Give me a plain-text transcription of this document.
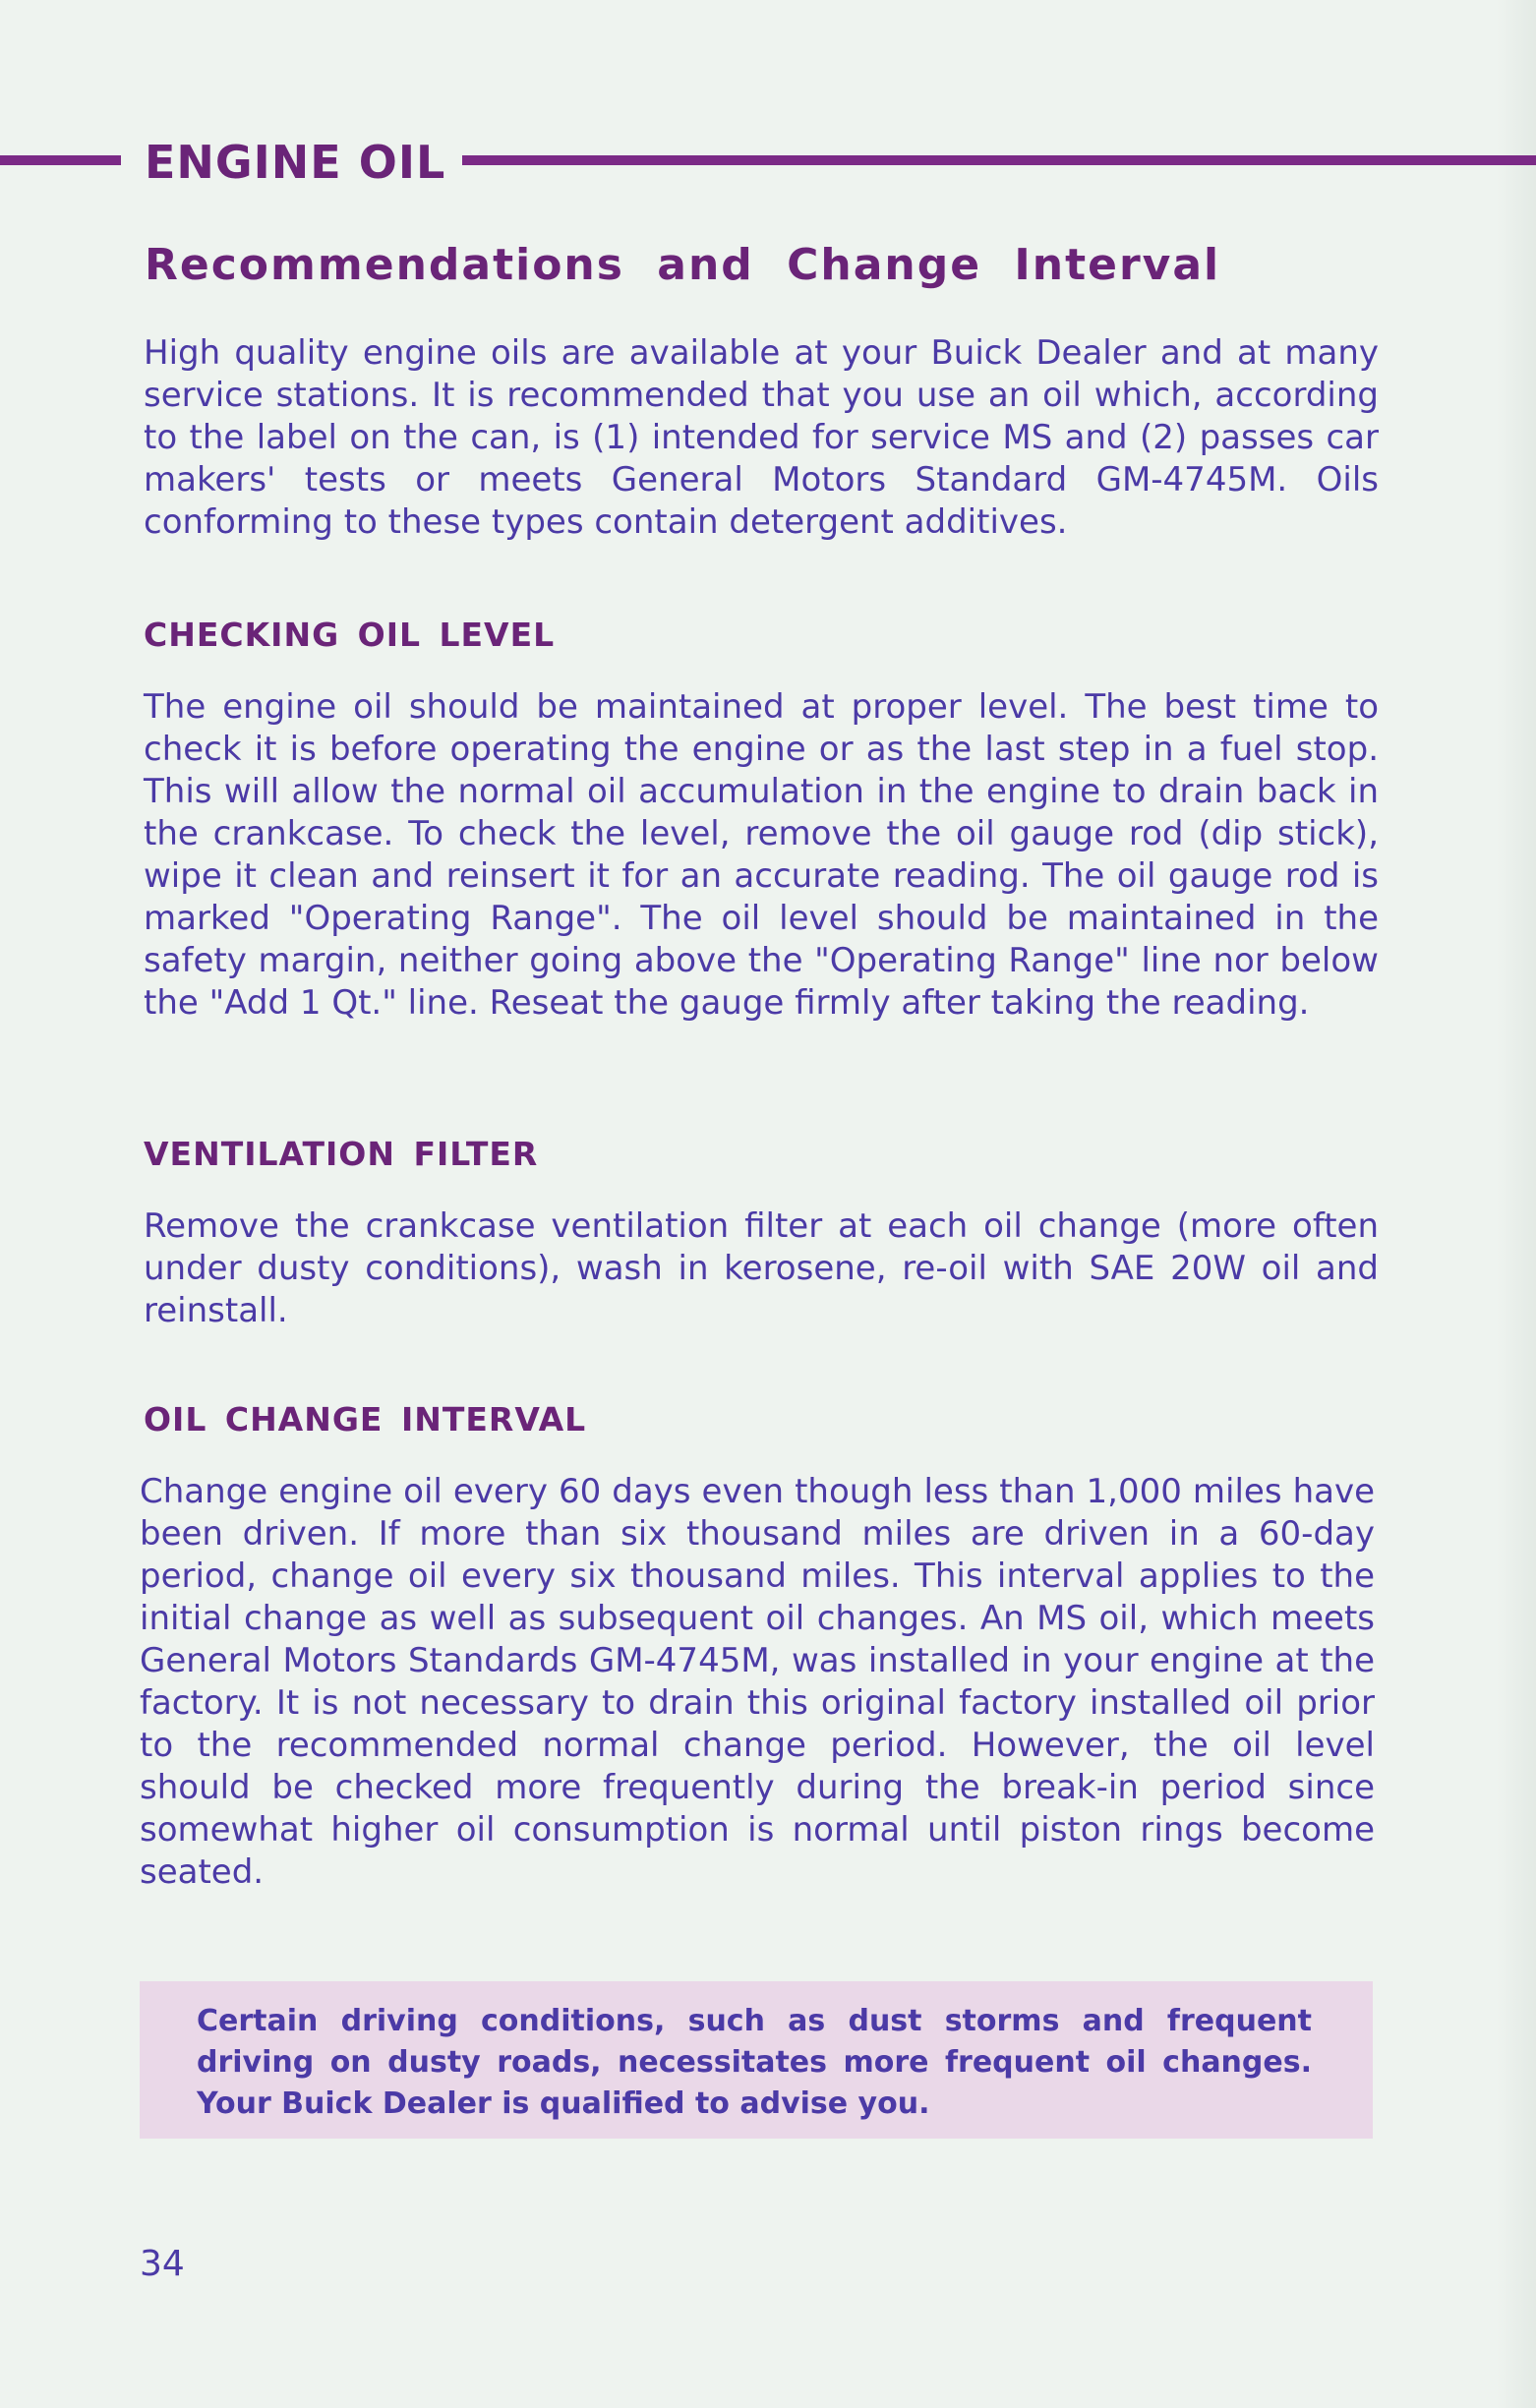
ENGINE OIL
Recommendations and Change Interval

High quality engine oils are available at your Buick Dealer and at many service stations. It is recommended that you use an oil which, according to the label on the can, is (1) intended for service MS and (2) passes car makers' tests or meets General Motors Standard GM-4745M. Oils conforming to these types contain detergent additives.

CHECKING OIL LEVEL

The engine oil should be maintained at proper level. The best time to check it is before operating the engine or as the last step in a fuel stop. This will allow the normal oil accumulation in the engine to drain back in the crankcase. To check the level, remove the oil gauge rod (dip stick), wipe it clean and reinsert it for an accurate reading. The oil gauge rod is marked "Operating Range". The oil level should be maintained in the safety margin, neither going above the "Operating Range" line nor below the "Add 1 Qt." line. Reseat the gauge firmly after taking the reading.

VENTILATION FILTER

Remove the crankcase ventilation filter at each oil change (more often under dusty conditions), wash in kerosene, re-oil with SAE 20W oil and reinstall.

OIL CHANGE INTERVAL

Change engine oil every 60 days even though less than 1,000 miles have been driven. If more than six thousand miles are driven in a 60-day period, change oil every six thousand miles. This interval applies to the initial change as well as subsequent oil changes. An MS oil, which meets General Motors Standards GM-4745M, was installed in your engine at the factory. It is not necessary to drain this original factory installed oil prior to the recommended normal change period. However, the oil level should be checked more frequently during the break-in period since somewhat higher oil consumption is normal until piston rings become seated.

Certain driving conditions, such as dust storms and frequent driving on dusty roads, necessitates more frequent oil changes. Your Buick Dealer is qualified to advise you.

34
